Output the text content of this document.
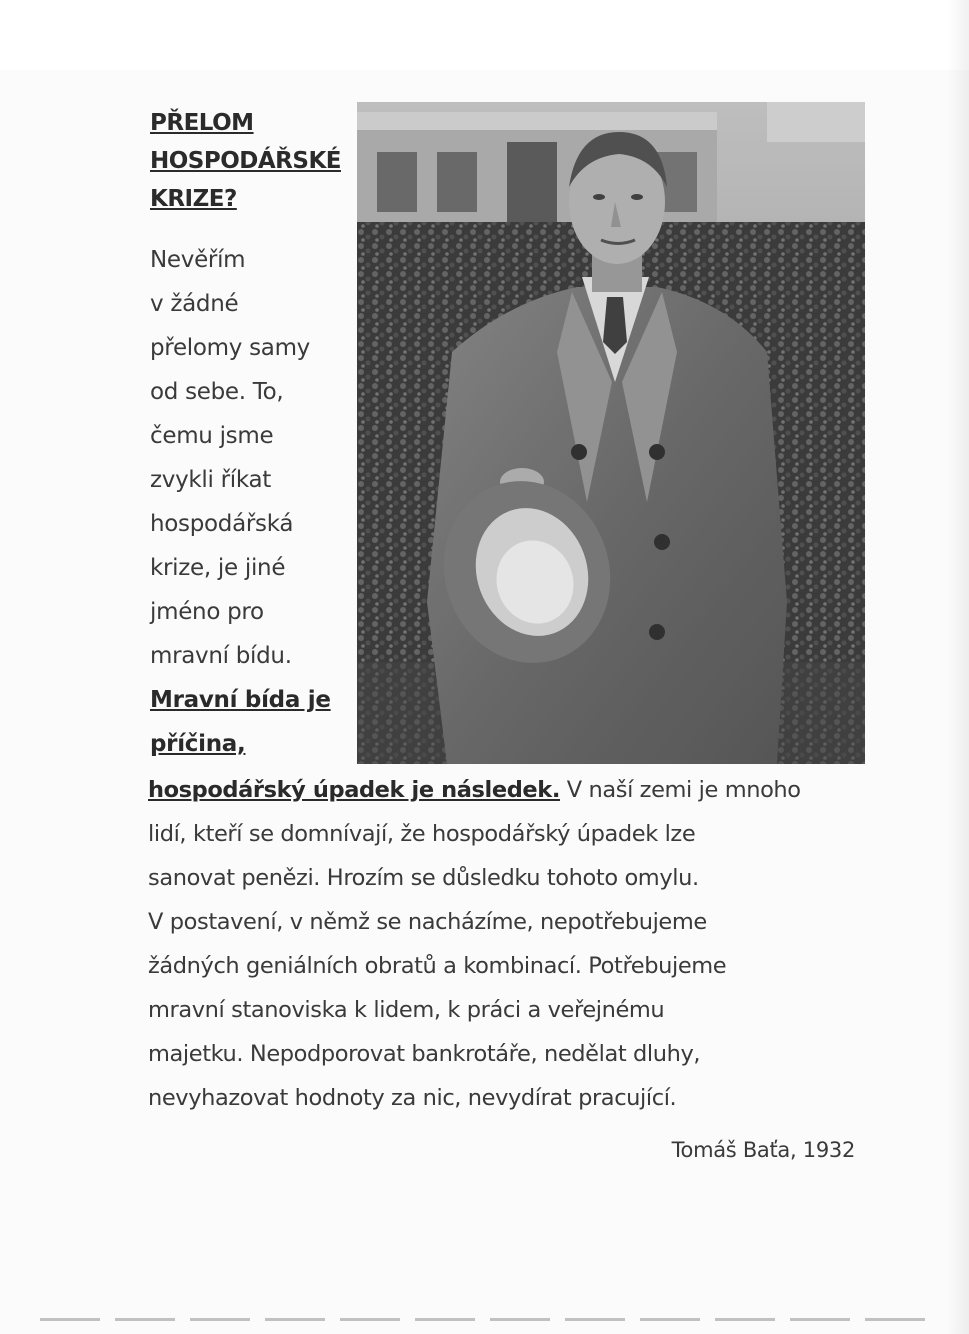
PŘELOM
HOSPODÁŘSKÉ
KRIZE?
Nevěřím
v žádné
přelomy samy
od sebe. To,
čemu jsme
zvykli říkat
hospodářská
krize, je jiné
jméno pro
mravní bídu.
Mravní bída je
příčina,
hospodářský úpadek je následek. V naší zemi je mnoho
lidí, kteří se domnívají, že hospodářský úpadek lze
sanovat penězi. Hrozím se důsledku tohoto omylu.
V postavení, v němž se nacházíme, nepotřebujeme
žádných geniálních obratů a kombinací. Potřebujeme
mravní stanoviska k lidem, k práci a veřejnému
majetku. Nepodporovat bankrotáře, nedělat dluhy,
nevyhazovat hodnoty za nic, nevydírat pracující.
Tomáš Baťa, 1932
